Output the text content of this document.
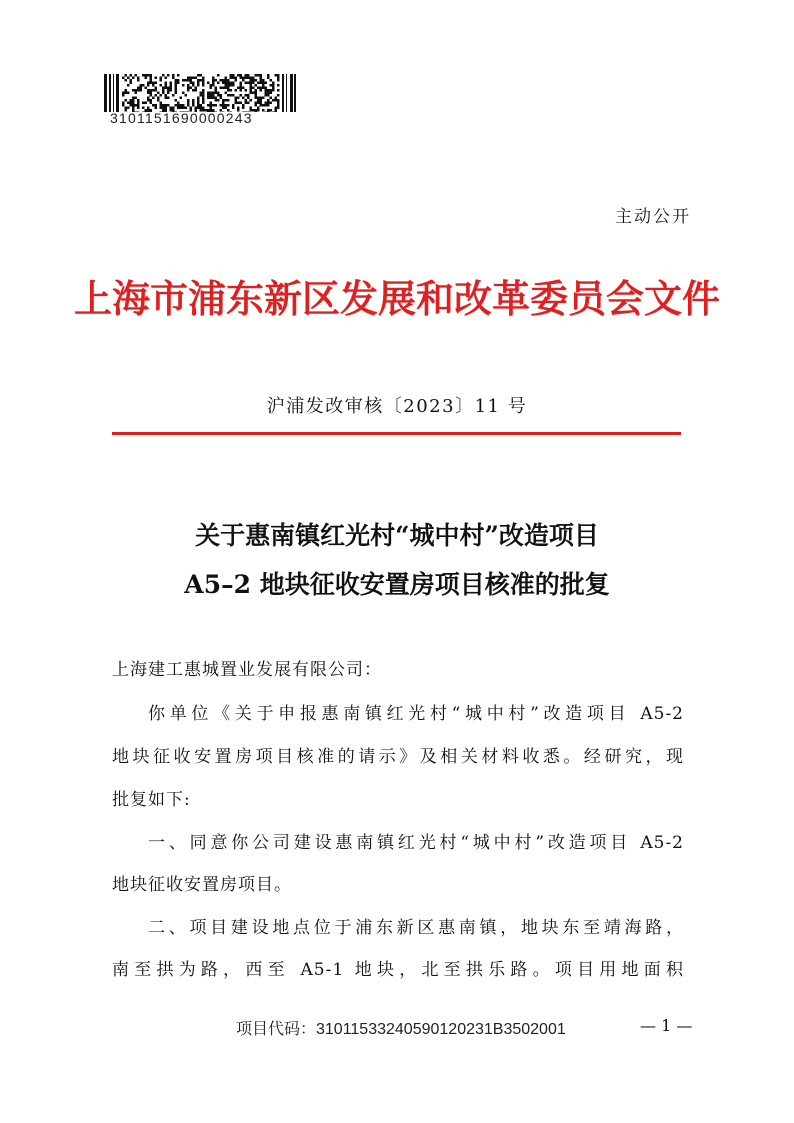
3101151690000243
主动公开
上海市浦东新区发展和改革委员会文件
沪浦发改审核〔2023〕11 号
关于惠南镇红光村“城中村”改造项目
A5–2 地块征收安置房项目核准的批复
上海建工惠城置业发展有限公司：
你单位《关于申报惠南镇红光村“城中村”改造项目 A5-2
地块征收安置房项目核准的请示》及相关材料收悉。经研究，现
批复如下:
一、同意你公司建设惠南镇红光村“城中村”改造项目 A5-2
地块征收安置房项目。
二、项目建设地点位于浦东新区惠南镇，地块东至靖海路，
南至拱为路，西至 A5-1 地块，北至拱乐路。项目用地面积
项目代码：3101153324059012023​1B3502001	— 1 —
